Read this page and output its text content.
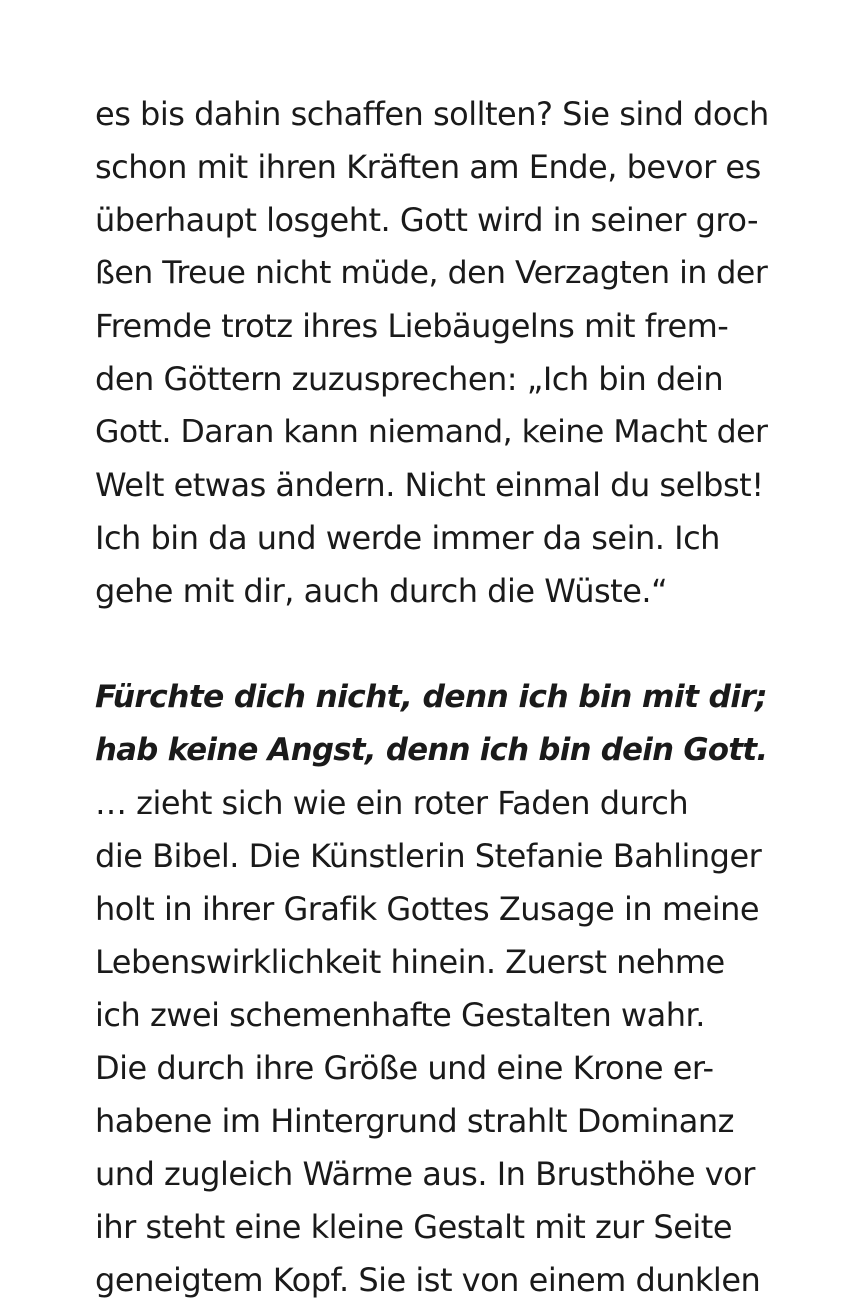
es bis dahin schaffen sollten? Sie sind doch
schon mit ihren Kräften am Ende, bevor es
überhaupt losgeht. Gott wird in seiner gro-
ßen Treue nicht müde, den Verzagten in der
Fremde trotz ihres Liebäugelns mit frem-
den Göttern zuzusprechen: „Ich bin dein
Gott. Daran kann niemand, keine Macht der
Welt etwas ändern. Nicht einmal du selbst!
Ich bin da und werde immer da sein. Ich
gehe mit dir, auch durch die Wüste.“
Fürchte dich nicht, denn ich bin mit dir;
hab keine Angst, denn ich bin dein Gott.
… zieht sich wie ein roter Faden durch
die Bibel. Die Künstlerin Stefanie Bahlinger
holt in ihrer Grafik Gottes Zusage in meine
Lebenswirklichkeit hinein. Zuerst nehme
ich zwei schemenhafte Gestalten wahr.
Die durch ihre Größe und eine Krone er-
habene im Hintergrund strahlt Dominanz
und zugleich Wärme aus. In Brusthöhe vor
ihr steht eine kleine Gestalt mit zur Seite
geneigtem Kopf. Sie ist von einem dunklen
